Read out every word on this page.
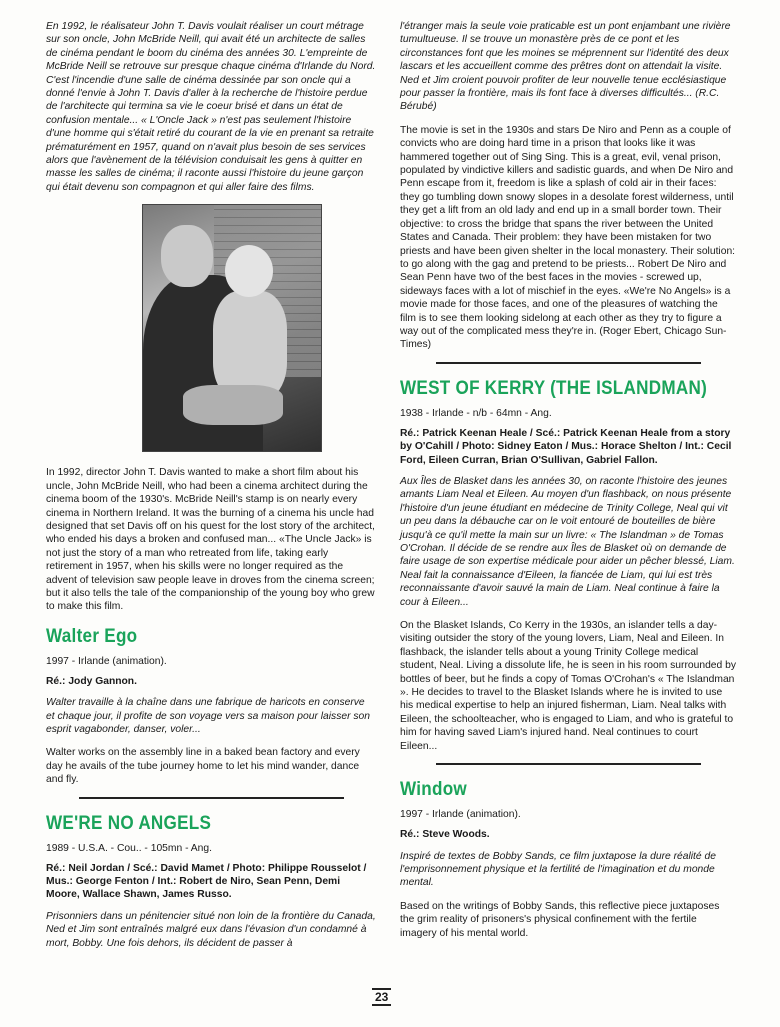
En 1992, le réalisateur John T. Davis voulait réaliser un court métrage sur son oncle, John McBride Neill, qui avait été un architecte de salles de cinéma pendant le boom du cinéma des années 30. L'empreinte de McBride Neill se retrouve sur presque chaque cinéma d'Irlande du Nord. C'est l'incendie d'une salle de cinéma dessinée par son oncle qui a donné l'envie à John T. Davis d'aller à la recherche de l'histoire perdue de l'architecte qui termina sa vie le coeur brisé et dans un état de confusion mentale... « L'Oncle Jack » n'est pas seulement l'histoire d'une homme qui s'était retiré du courant de la vie en prenant sa retraite prématurément en 1957, quand on n'avait plus besoin de ses services alors que l'avènement de la télévision conduisait les gens à quitter en masse les salles de cinéma; il raconte aussi l'histoire du jeune garçon qui était devenu son compagnon et qui aller faire des films.

In 1992, director John T. Davis wanted to make a short film about his uncle, John McBride Neill, who had been a cinema architect during the cinema boom of the 1930's. McBride Neill's stamp is on nearly every cinema in Northern Ireland. It was the burning of a cinema his uncle had designed that set Davis off on his quest for the lost story of the architect, who ended his days a broken and confused man... «The Uncle Jack» is not just the story of a man who retreated from life, taking early retirement in 1957, when his skills were no longer required as the advent of television saw people leave in droves from the cinema screen; but it also tells the tale of the companionship of the young boy who grew to make this film.

Walter Ego
1997 - Irlande (animation).
Ré.: Jody Gannon.

Walter travaille à la chaîne dans une fabrique de haricots en conserve et chaque jour, il profite de son voyage vers sa maison pour laisser son esprit vagabonder, danser, voler...

Walter works on the assembly line in a baked bean factory and every day he avails of the tube journey home to let his mind wander, dance and fly.

WE'RE NO ANGELS
1989 - U.S.A. - Cou.. - 105mn - Ang.
Ré.: Neil Jordan / Scé.: David Mamet / Photo: Philippe Rousselot / Mus.: George Fenton / Int.: Robert de Niro, Sean Penn, Demi Moore, Wallace Shawn, James Russo.

Prisonniers dans un pénitencier situé non loin de la frontière du Canada, Ned et Jim sont entraînés malgré eux dans l'évasion d'un condamné à mort, Bobby. Une fois dehors, ils décident de passer à

l'étranger mais la seule voie praticable est un pont enjambant une rivière tumultueuse. Il se trouve un monastère près de ce pont et les circonstances font que les moines se méprennent sur l'identité des deux lascars et les accueillent comme des prêtres dont on attendait la visite. Ned et Jim croient pouvoir profiter de leur nouvelle tenue ecclésiastique pour passer la frontière, mais ils font face à diverses difficultés... (R.C. Bérubé)

The movie is set in the 1930s and stars De Niro and Penn as a couple of convicts who are doing hard time in a prison that looks like it was hammered together out of Sing Sing. This is a great, evil, venal prison, populated by vindictive killers and sadistic guards, and when De Niro and Penn escape from it, freedom is like a splash of cold air in their faces: they go tumbling down snowy slopes in a desolate forest wilderness, until they get a lift from an old lady and end up in a small border town. Their objective: to cross the bridge that spans the river between the United States and Canada. Their problem: they have been mistaken for two priests and have been given shelter in the local monastery. Their solution: to go along with the gag and pretend to be priests... Robert De Niro and Sean Penn have two of the best faces in the movies - screwed up, sideways faces with a lot of mischief in the eyes. «We're No Angels» is a movie made for those faces, and one of the pleasures of watching the film is to see them looking sidelong at each other as they try to figure a way out of the complicated mess they're in. (Roger Ebert, Chicago Sun-Times)

WEST OF KERRY (THE ISLANDMAN)
1938 - Irlande - n/b - 64mn - Ang.
Ré.: Patrick Keenan Heale / Scé.: Patrick Keenan Heale from a story by O'Cahill / Photo: Sidney Eaton / Mus.: Horace Shelton / Int.: Cecil Ford, Eileen Curran, Brian O'Sullivan, Gabriel Fallon.

Aux Îles de Blasket dans les années 30, on raconte l'histoire des jeunes amants Liam Neal et Eileen. Au moyen d'un flashback, on nous présente l'histoire d'un jeune étudiant en médecine de Trinity College, Neal qui vit un peu dans la débauche car on le voit entouré de bouteilles de bière jusqu'à ce qu'il mette la main sur un livre: « The Islandman » de Tomas O'Crohan. Il décide de se rendre aux Îles de Blasket où on demande de faire usage de son expertise médicale pour aider un pêcher blessé, Liam. Neal fait la connaissance d'Eileen, la fiancée de Liam, qui lui est très reconnaissante d'avoir sauvé la main de Liam. Neal continue à faire la cour à Eileen...

On the Blasket Islands, Co Kerry in the 1930s, an islander tells a day-visiting outsider the story of the young lovers, Liam, Neal and Eileen. In flashback, the islander tells about a young Trinity College medical student, Neal. Living a dissolute life, he is seen in his room surrounded by bottles of beer, but he finds a copy of Tomas O'Crohan's « The Islandman ». He decides to travel to the Blasket Islands where he is invited to use his medical expertise to help an injured fisherman, Liam. Neal talks with Eileen, the schoolteacher, who is engaged to Liam, and who is grateful to him for having saved Liam's injured hand. Neal continues to court Eileen...

Window
1997 - Irlande (animation).
Ré.: Steve Woods.

Inspiré de textes de Bobby Sands, ce film juxtapose la dure réalité de l'emprisonnement physique et la fertilité de l'imagination et du monde mental.

Based on the writings of Bobby Sands, this reflective piece juxtaposes the grim reality of prisoners's physical confinement with the fertile imagery of his mental world.

23
